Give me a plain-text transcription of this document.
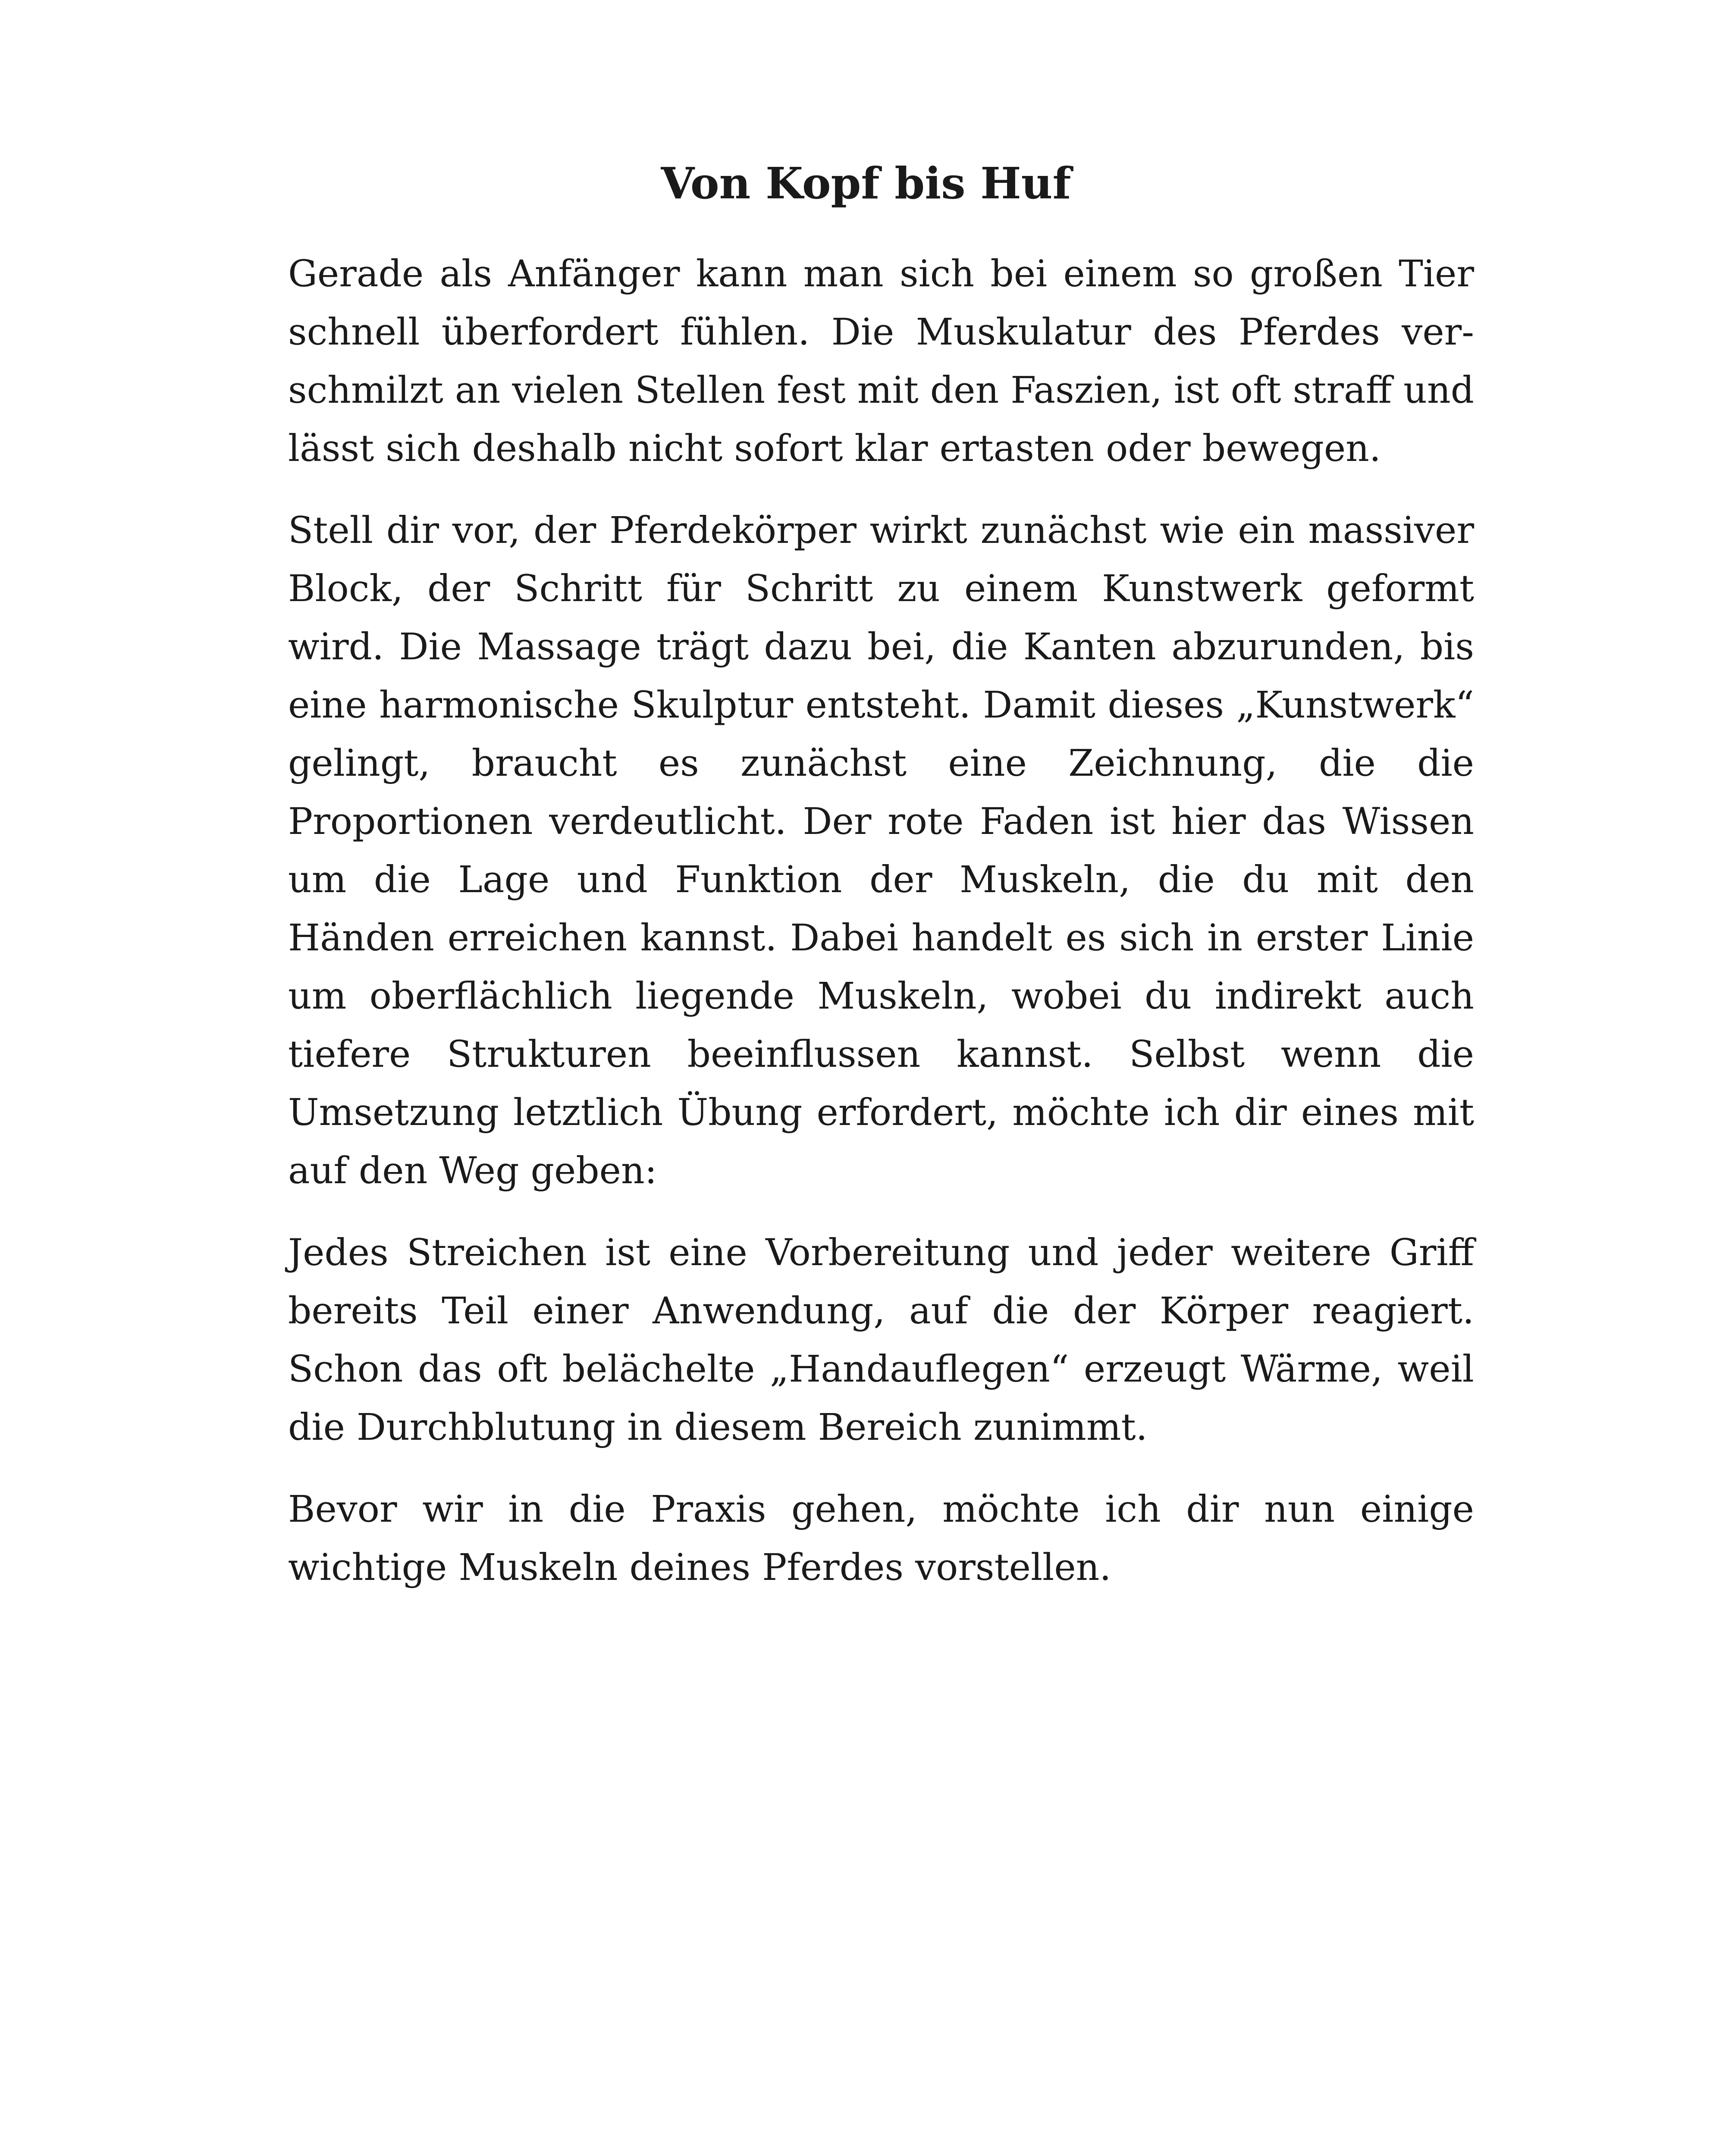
Von Kopf bis Huf

Gerade als Anfänger kann man sich bei einem so großen Tier schnell überfordert fühlen. Die Muskulatur des Pferdes verschmilzt an vielen Stellen fest mit den Faszien, ist oft straff und lässt sich deshalb nicht sofort klar ertasten oder bewegen.

Stell dir vor, der Pferdekörper wirkt zunächst wie ein massiver Block, der Schritt für Schritt zu einem Kunstwerk geformt wird. Die Massage trägt dazu bei, die Kanten abzurunden, bis eine harmonische Skulptur entsteht. Damit dieses „Kunstwerk“ gelingt, braucht es zunächst eine Zeichnung, die die Proportionen verdeutlicht. Der rote Faden ist hier das Wissen um die Lage und Funktion der Muskeln, die du mit den Händen erreichen kannst. Dabei handelt es sich in erster Linie um oberflächlich liegende Muskeln, wobei du indirekt auch tiefere Strukturen beeinflussen kannst. Selbst wenn die Umsetzung letztlich Übung erfordert, möchte ich dir eines mit auf den Weg geben:

Jedes Streichen ist eine Vorbereitung und jeder weitere Griff bereits Teil einer Anwendung, auf die der Körper reagiert. Schon das oft belächelte „Handauflegen“ erzeugt Wärme, weil die Durchblutung in diesem Bereich zunimmt.

Bevor wir in die Praxis gehen, möchte ich dir nun einige wichtige Muskeln deines Pferdes vorstellen.
